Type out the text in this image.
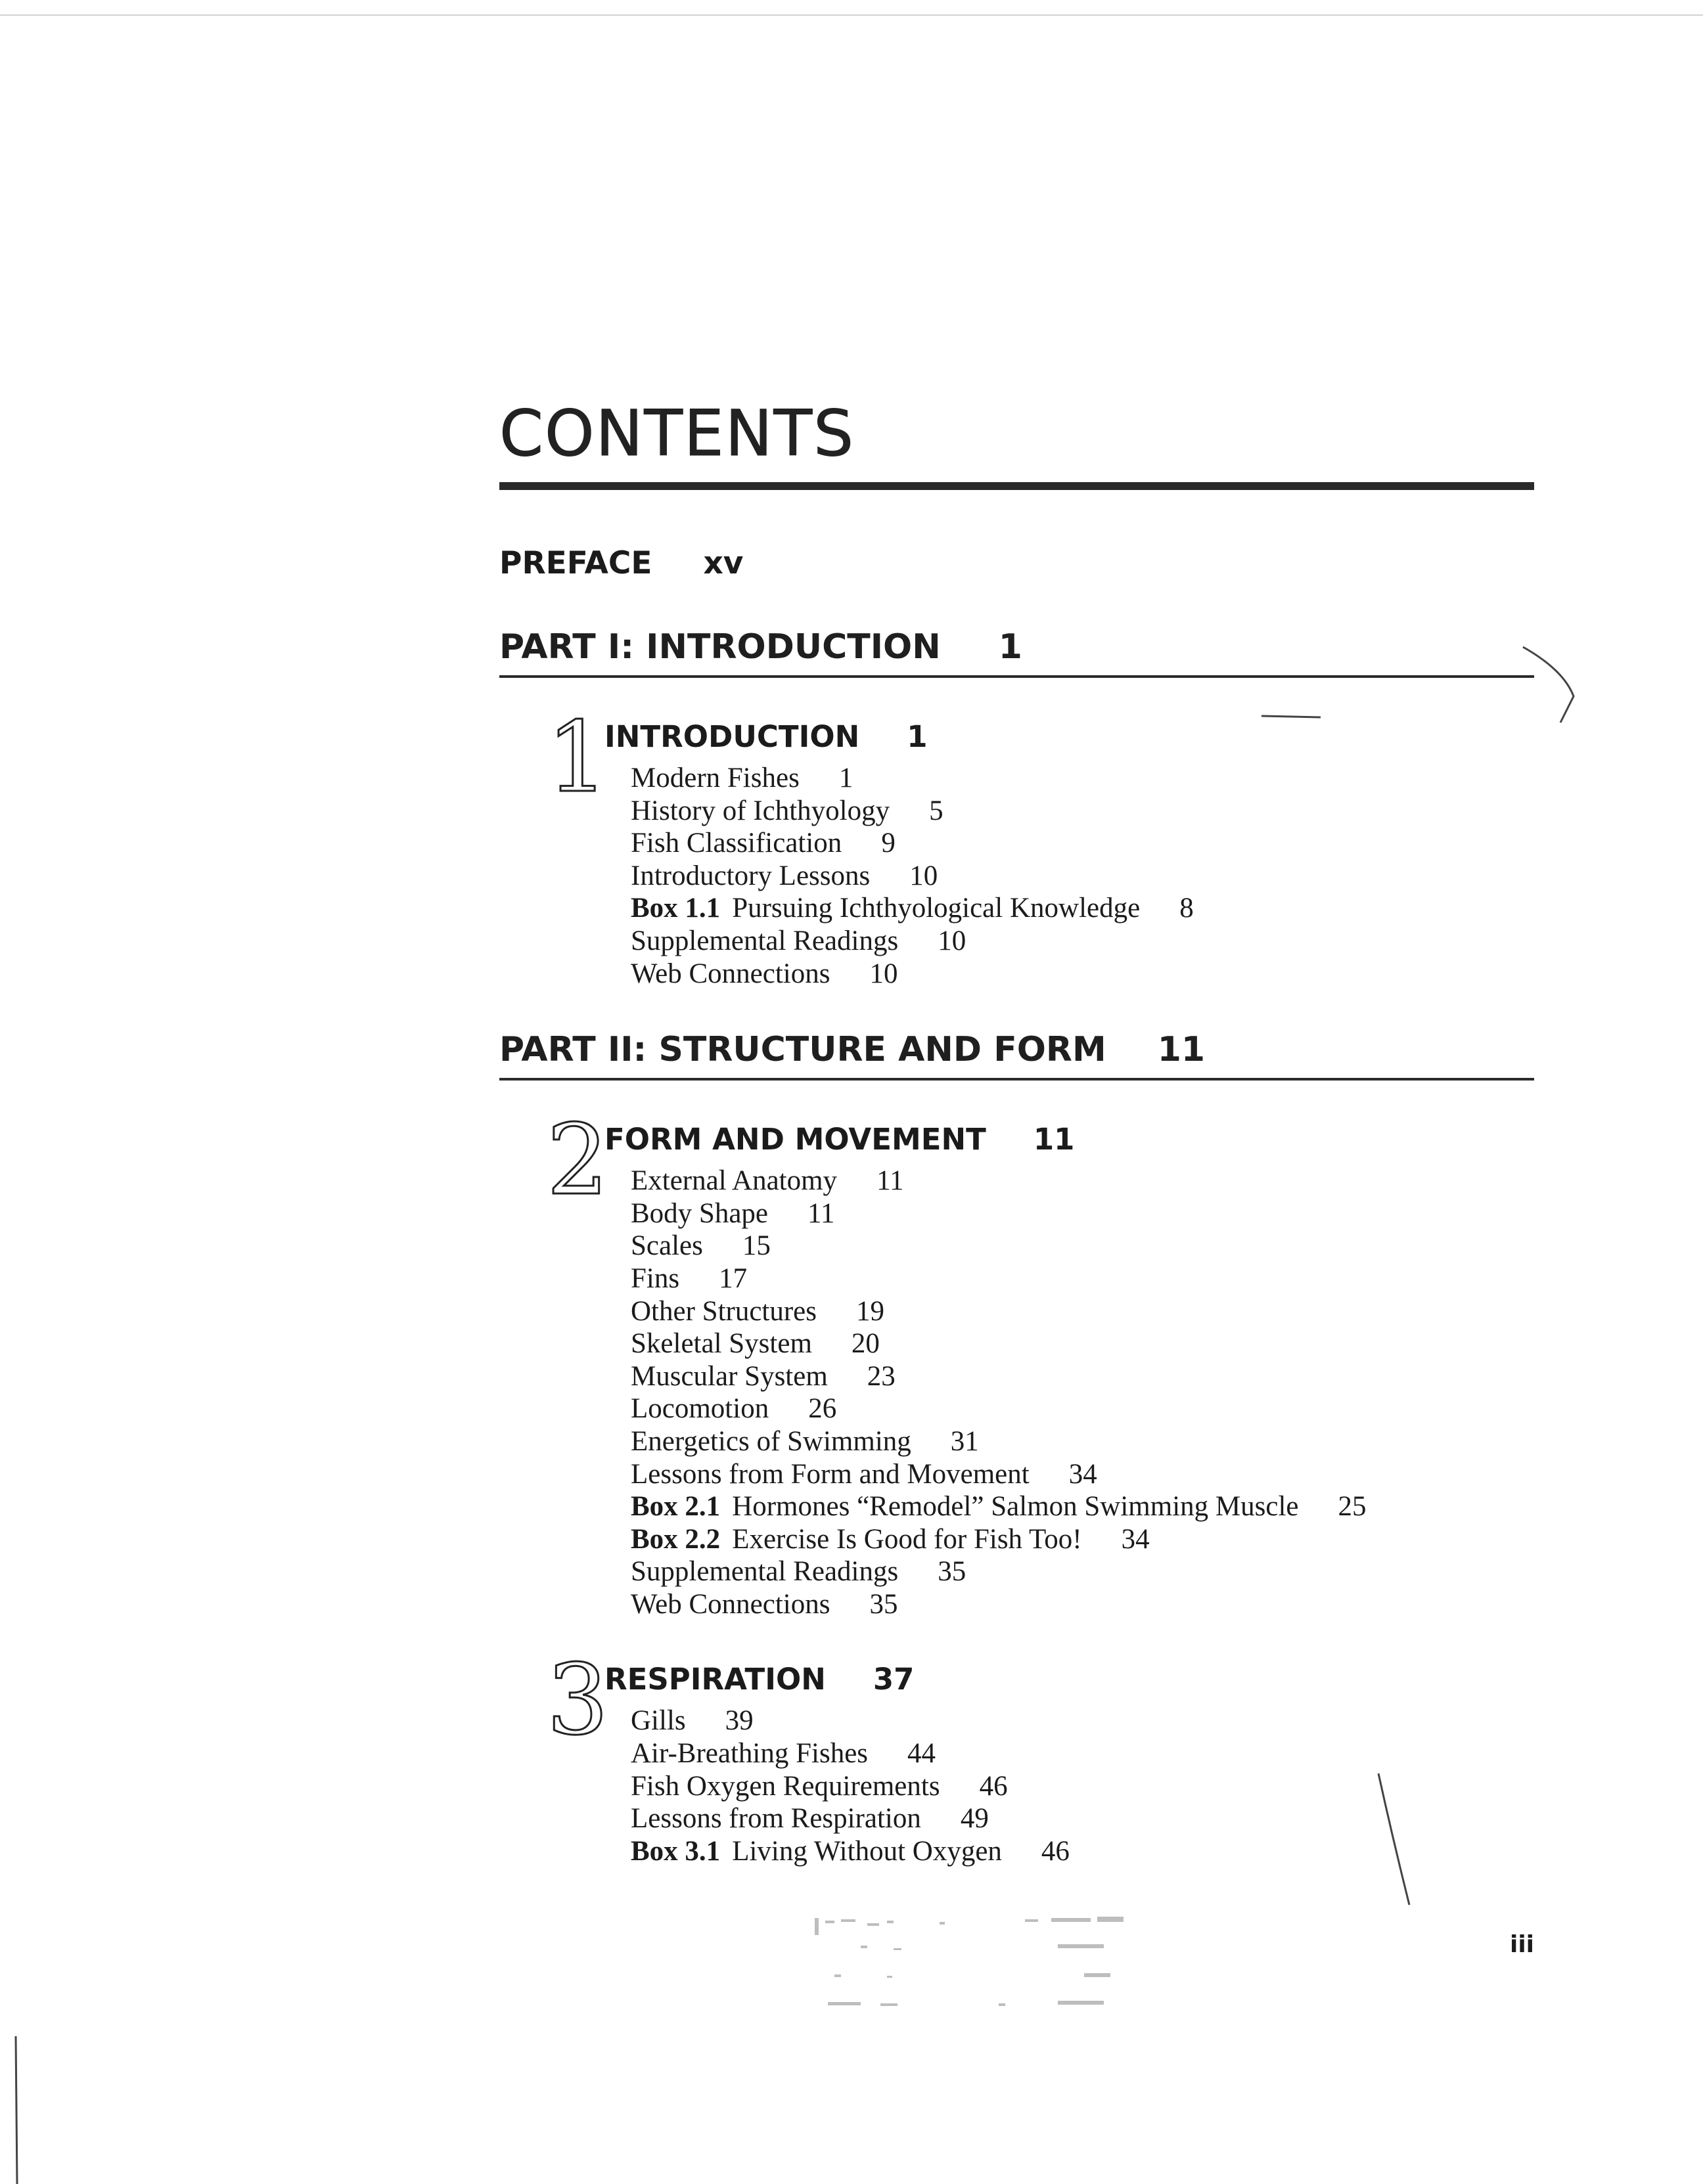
CONTENTS
PREFACE xv
PART I: INTRODUCTION 1
1
INTRODUCTION 1
Modern Fishes 1
History of Ichthyology 5
Fish Classification 9
Introductory Lessons 10
Box 1.1 Pursuing Ichthyological Knowledge 8
Supplemental Readings 10
Web Connections 10
PART II: STRUCTURE AND FORM 11
2
FORM AND MOVEMENT 11
External Anatomy 11
Body Shape 11
Scales 15
Fins 17
Other Structures 19
Skeletal System 20
Muscular System 23
Locomotion 26
Energetics of Swimming 31
Lessons from Form and Movement 34
Box 2.1 Hormones “Remodel” Salmon Swimming Muscle 25
Box 2.2 Exercise Is Good for Fish Too! 34
Supplemental Readings 35
Web Connections 35
3
RESPIRATION 37
Gills 39
Air-Breathing Fishes 44
Fish Oxygen Requirements 46
Lessons from Respiration 49
Box 3.1 Living Without Oxygen 46
iii
